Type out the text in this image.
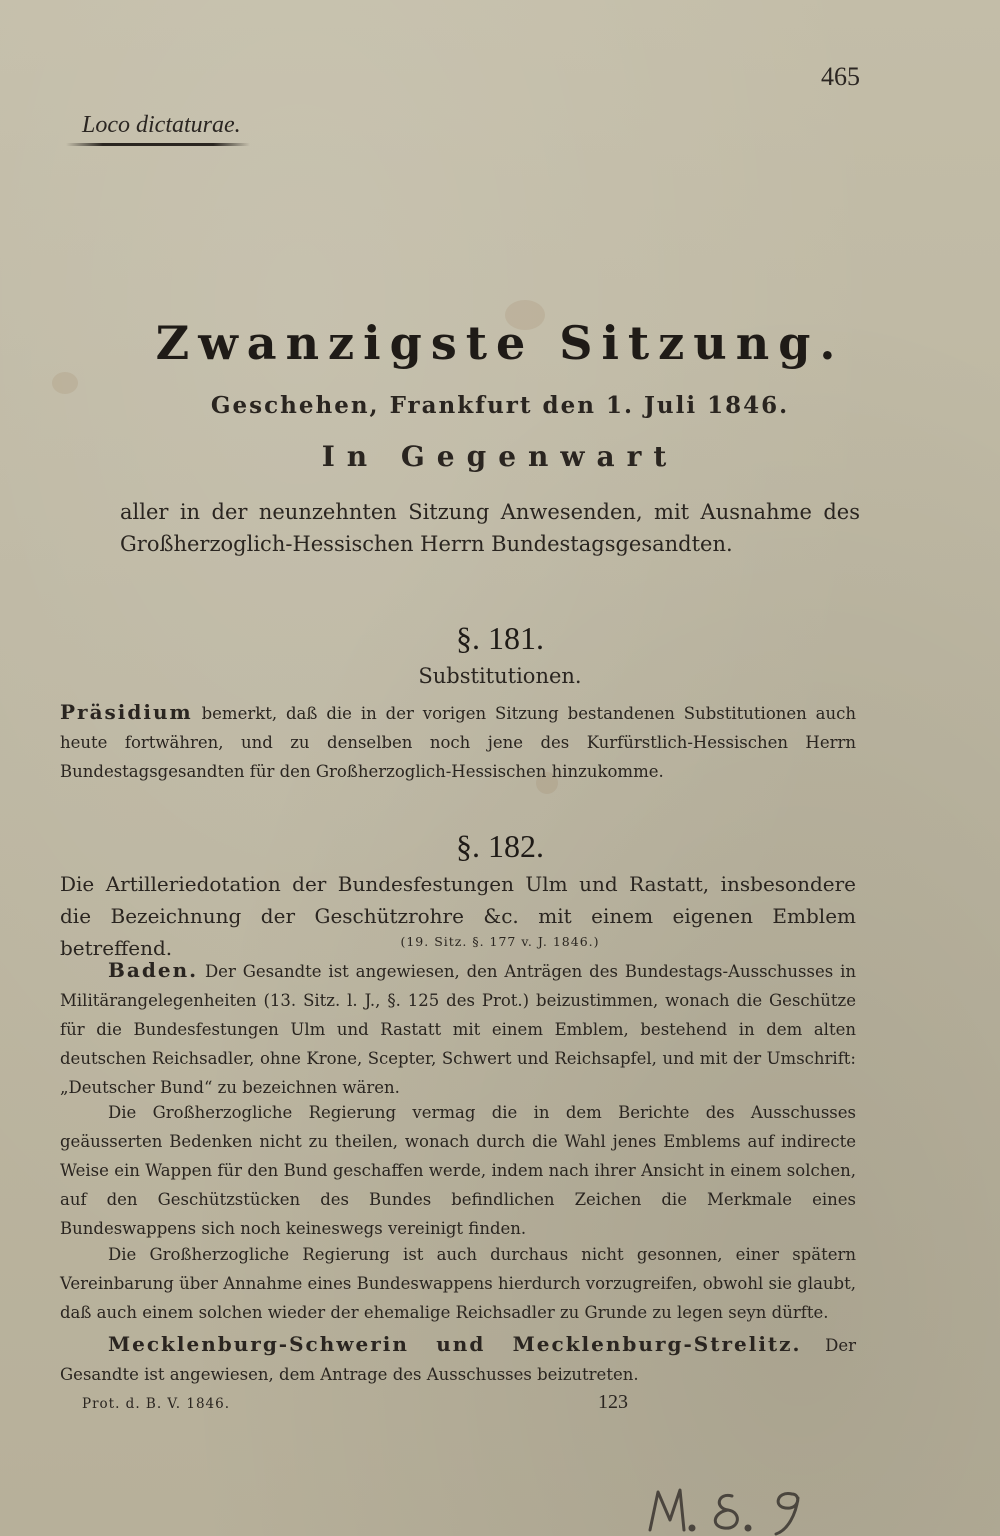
465
Loco dictaturae.
Zwanzigste Sitzung.
Geschehen, Frankfurt den 1. Juli 1846.
In Gegenwart
aller in der neunzehnten Sitzung Anwesenden, mit Ausnahme des Großherzoglich-Hessischen Herrn Bundestagsgesandten.
§. 181.
Substitutionen.
Präsidium bemerkt, daß die in der vorigen Sitzung bestandenen Substitutionen auch heute fortwähren, und zu denselben noch jene des Kurfürstlich-Hessischen Herrn Bundestagsgesandten für den Großherzoglich-Hessischen hinzukomme.
§. 182.
Die Artilleriedotation der Bundesfestungen Ulm und Rastatt, insbesondere die Bezeichnung der Geschützrohre &c. mit einem eigenen Emblem betreffend.	(19. Sitz. §. 177 v. J. 1846.)
Baden. Der Gesandte ist angewiesen, den Anträgen des Bundestags-Ausschusses in Militärangelegenheiten (13. Sitz. l. J., §. 125 des Prot.) beizustimmen, wonach die Geschütze für die Bundesfestungen Ulm und Rastatt mit einem Emblem, bestehend in dem alten deutschen Reichsadler, ohne Krone, Scepter, Schwert und Reichsapfel, und mit der Umschrift: „Deutscher Bund“ zu bezeichnen wären.
Die Großherzogliche Regierung vermag die in dem Berichte des Ausschusses geäusserten Bedenken nicht zu theilen, wonach durch die Wahl jenes Emblems auf indirecte Weise ein Wappen für den Bund geschaffen werde, indem nach ihrer Ansicht in einem solchen, auf den Geschützstücken des Bundes befindlichen Zeichen die Merkmale eines Bundeswappens sich noch keineswegs vereinigt finden.
Die Großherzogliche Regierung ist auch durchaus nicht gesonnen, einer spätern Vereinbarung über Annahme eines Bundeswappens hierdurch vorzugreifen, obwohl sie glaubt, daß auch einem solchen wieder der ehemalige Reichsadler zu Grunde zu legen seyn dürfte.
Mecklenburg-Schwerin und Mecklenburg-Strelitz. Der Gesandte ist angewiesen, dem Antrage des Ausschusses beizutreten.
Prot. d. B. V. 1846.	123
